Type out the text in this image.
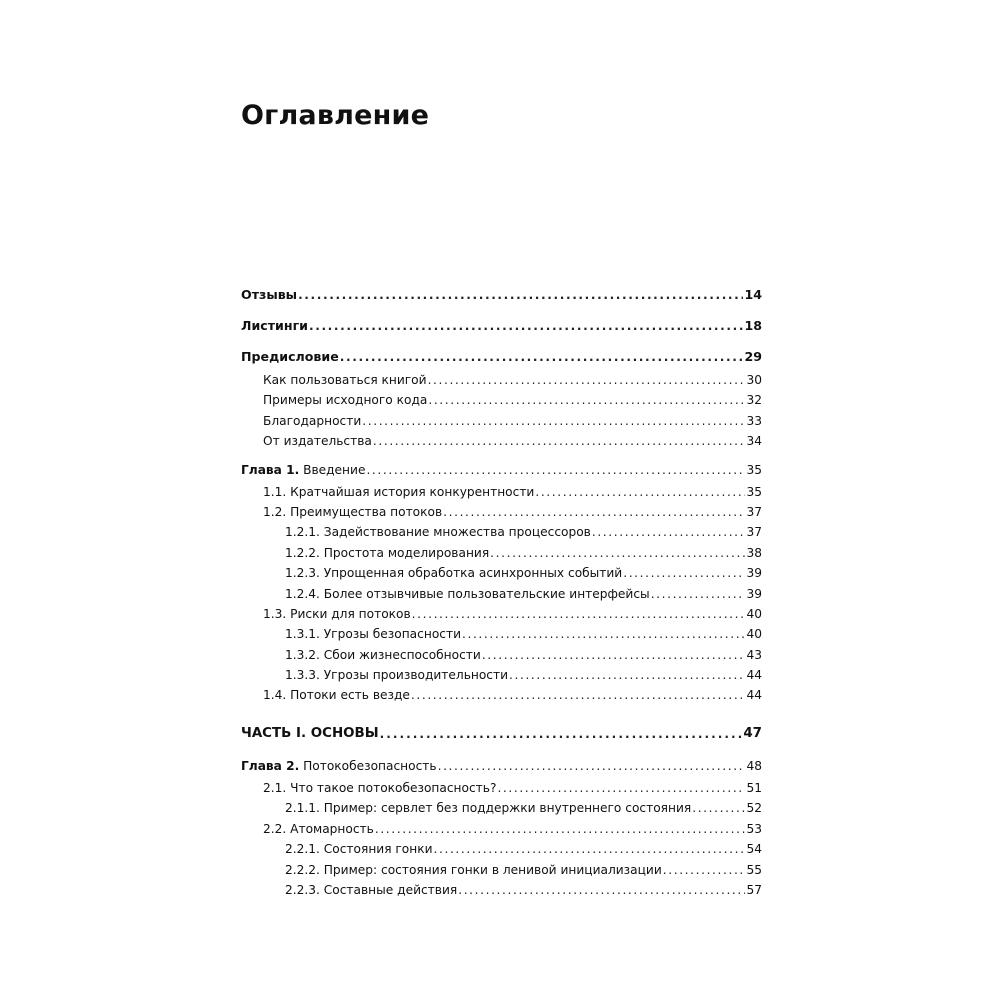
Оглавление
Отзывы .....	14
Листинги .....	18
Предисловие .....	29
Как пользоваться книгой .....	30
Примеры исходного кода .....	32
Благодарности .....	33
От издательства .....	34
Глава 1. Введение .....	35
1.1. Кратчайшая история конкурентности .....	35
1.2. Преимущества потоков .....	37
1.2.1. Задействование множества процессоров .....	37
1.2.2. Простота моделирования .....	38
1.2.3. Упрощенная обработка асинхронных событий .....	39
1.2.4. Более отзывчивые пользовательские интерфейсы .....	39
1.3. Риски для потоков .....	40
1.3.1. Угрозы безопасности .....	40
1.3.2. Сбои жизнеспособности .....	43
1.3.3. Угрозы производительности .....	44
1.4. Потоки есть везде .....	44
ЧАСТЬ I. ОСНОВЫ .....	47
Глава 2. Потокобезопасность .....	48
2.1. Что такое потокобезопасность? .....	51
2.1.1. Пример: сервлет без поддержки внутреннего состояния .....	52
2.2. Атомарность .....	53
2.2.1. Состояния гонки .....	54
2.2.2. Пример: состояния гонки в ленивой инициализации .....	55
2.2.3. Составные действия .....	57
